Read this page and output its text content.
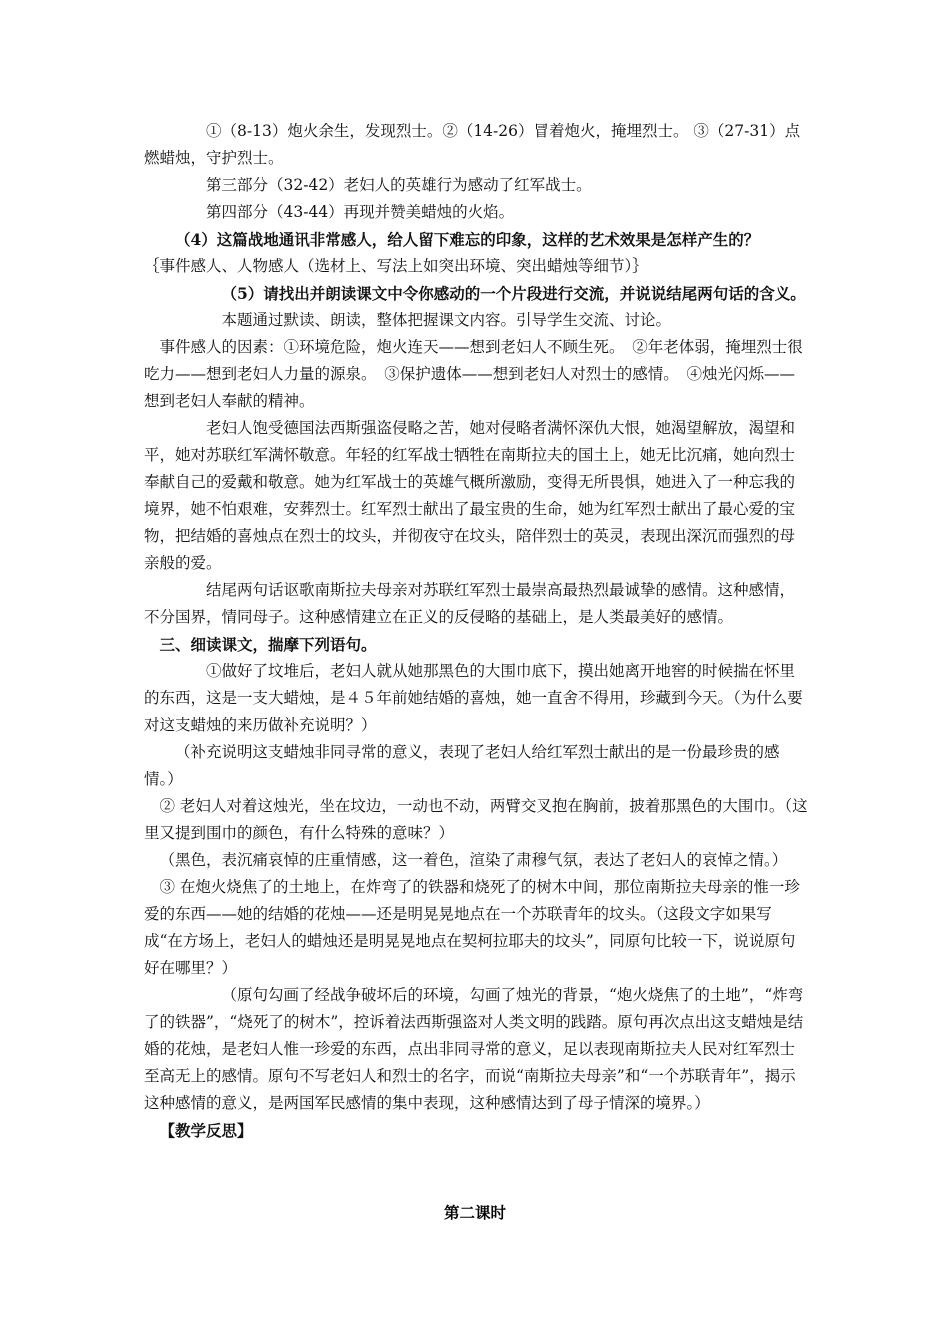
①（8-13）炮火余生，发现烈士。②（14-26）冒着炮火，掩埋烈士。 ③（27-31）点燃蜡烛，守护烈士。

第三部分（32-42）老妇人的英雄行为感动了红军战士。

第四部分（43-44）再现并赞美蜡烛的火焰。

（4）这篇战地通讯非常感人，给人留下难忘的印象，这样的艺术效果是怎样产生的？

｛事件感人、人物感人（选材上、写法上如突出环境、突出蜡烛等细节）｝

（5）请找出并朗读课文中令你感动的一个片段进行交流，并说说结尾两句话的含义。

本题通过默读、朗读，整体把握课文内容。引导学生交流、讨论。

事件感人的因素：①环境危险，炮火连天——想到老妇人不顾生死。　②年老体弱，掩埋烈士很吃力——想到老妇人力量的源泉。　③保护遗体——想到老妇人对烈士的感情。　④烛光闪烁——想到老妇人奉献的精神。

老妇人饱受德国法西斯强盗侵略之苦，她对侵略者满怀深仇大恨，她渴望解放，渴望和平，她对苏联红军满怀敬意。年轻的红军战士牺牲在南斯拉夫的国土上，她无比沉痛，她向烈士奉献自己的爱戴和敬意。她为红军战士的英雄气概所激励，变得无所畏惧，她进入了一种忘我的境界，她不怕艰难，安葬烈士。红军烈士献出了最宝贵的生命，她为红军烈士献出了最心爱的宝物，把结婚的喜烛点在烈士的坟头，并彻夜守在坟头，陪伴烈士的英灵，表现出深沉而强烈的母亲般的爱。

结尾两句话讴歌南斯拉夫母亲对苏联红军烈士最崇高最热烈最诚挚的感情。这种感情，不分国界，情同母子。这种感情建立在正义的反侵略的基础上，是人类最美好的感情。

三、细读课文，揣摩下列语句。

①做好了坟堆后，老妇人就从她那黑色的大围巾底下，摸出她离开地窖的时候揣在怀里的东西，这是一支大蜡烛，是４５年前她结婚的喜烛，她一直舍不得用，珍藏到今天。（为什么要对这支蜡烛的来历做补充说明？）

（补充说明这支蜡烛非同寻常的意义，表现了老妇人给红军烈士献出的是一份最珍贵的感情。）

② 老妇人对着这烛光，坐在坟边，一动也不动，两臂交叉抱在胸前，披着那黑色的大围巾。（这里又提到围巾的颜色，有什么特殊的意味？）

（黑色，表沉痛哀悼的庄重情感，这一着色，渲染了肃穆气氛，表达了老妇人的哀悼之情。）

③ 在炮火烧焦了的土地上，在炸弯了的铁器和烧死了的树木中间，那位南斯拉夫母亲的惟一珍爱的东西——她的结婚的花烛——还是明晃晃地点在一个苏联青年的坟头。（这段文字如果写成“在方场上，老妇人的蜡烛还是明晃晃地点在契柯拉耶夫的坟头”，同原句比较一下，说说原句好在哪里？）

（原句勾画了经战争破坏后的环境，勾画了烛光的背景，“炮火烧焦了的土地”，“炸弯了的铁器”，“烧死了的树木”，控诉着法西斯强盗对人类文明的践踏。原句再次点出这支蜡烛是结婚的花烛，是老妇人惟一珍爱的东西，点出非同寻常的意义，足以表现南斯拉夫人民对红军烈士至高无上的感情。原句不写老妇人和烈士的名字，而说“南斯拉夫母亲”和“一个苏联青年”，揭示这种感情的意义，是两国军民感情的集中表现，这种感情达到了母子情深的境界。）

【教学反思】

第二课时
